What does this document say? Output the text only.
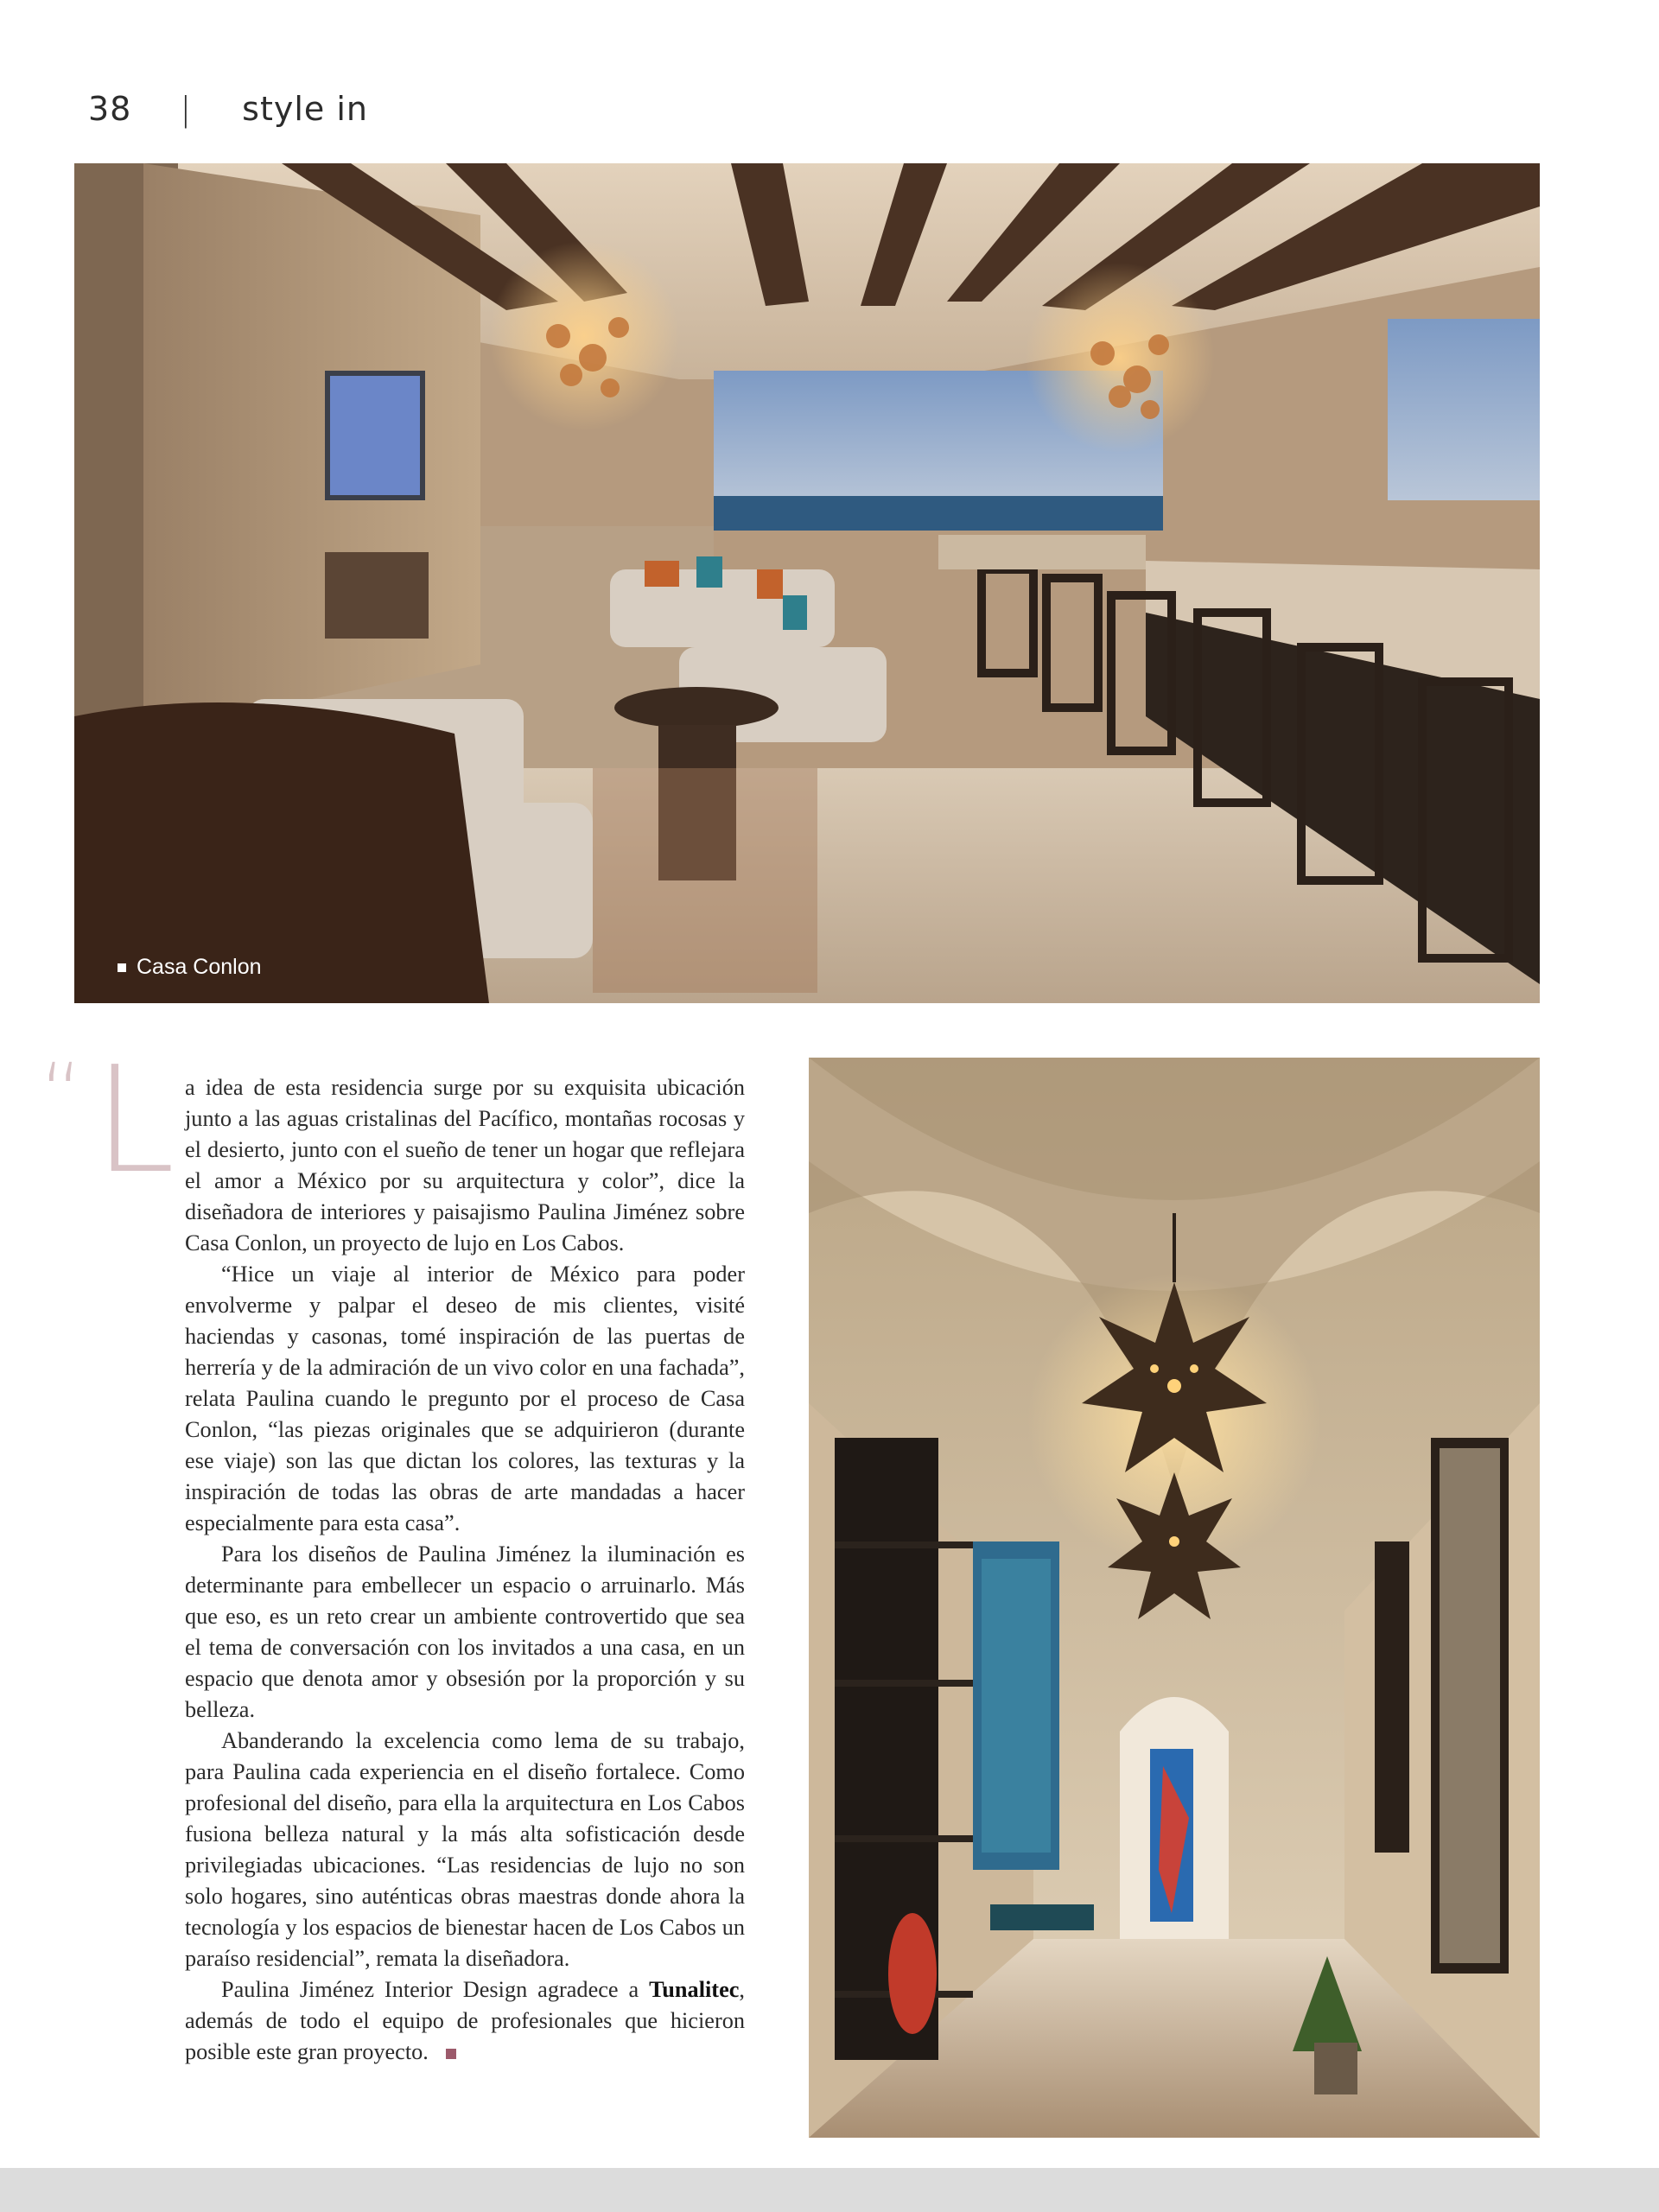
38 | style in
Casa Conlon
“ L a idea de esta residencia surge por su exquisita ubicación junto a las aguas cristalinas del Pacífico, montañas rocosas y el desierto, junto con el sueño de tener un hogar que reflejara el amor a México por su arquitectura y color”, dice la diseñadora de interiores y paisajismo Paulina Jiménez sobre Casa Conlon, un proyecto de lujo en Los Cabos.

“Hice un viaje al interior de México para poder envolverme y palpar el deseo de mis clientes, visité haciendas y casonas, tomé inspiración de las puertas de herrería y de la admiración de un vivo color en una fachada”, relata Paulina cuando le pregunto por el proceso de Casa Conlon, “las piezas originales que se adquirieron (durante ese viaje) son las que dictan los colores, las texturas y la inspiración de todas las obras de arte mandadas a hacer especialmente para esta casa”.

Para los diseños de Paulina Jiménez la iluminación es determinante para embellecer un espacio o arruinarlo. Más que eso, es un reto crear un ambiente controvertido que sea el tema de conversación con los invitados a una casa, en un espacio que denota amor y obsesión por la proporción y su belleza.

Abanderando la excelencia como lema de su trabajo, para Paulina cada experiencia en el diseño fortalece. Como profesional del diseño, para ella la arquitectura en Los Cabos fusiona belleza natural y la más alta sofisticación desde privilegiadas ubicaciones. “Las residencias de lujo no son solo hogares, sino auténticas obras maestras donde ahora la tecnología y los espacios de bienestar hacen de Los Cabos un paraíso residencial”, remata la diseñadora.

Paulina Jiménez Interior Design agradece a Tunalitec, además de todo el equipo de profesionales que hicieron posible este gran proyecto.
